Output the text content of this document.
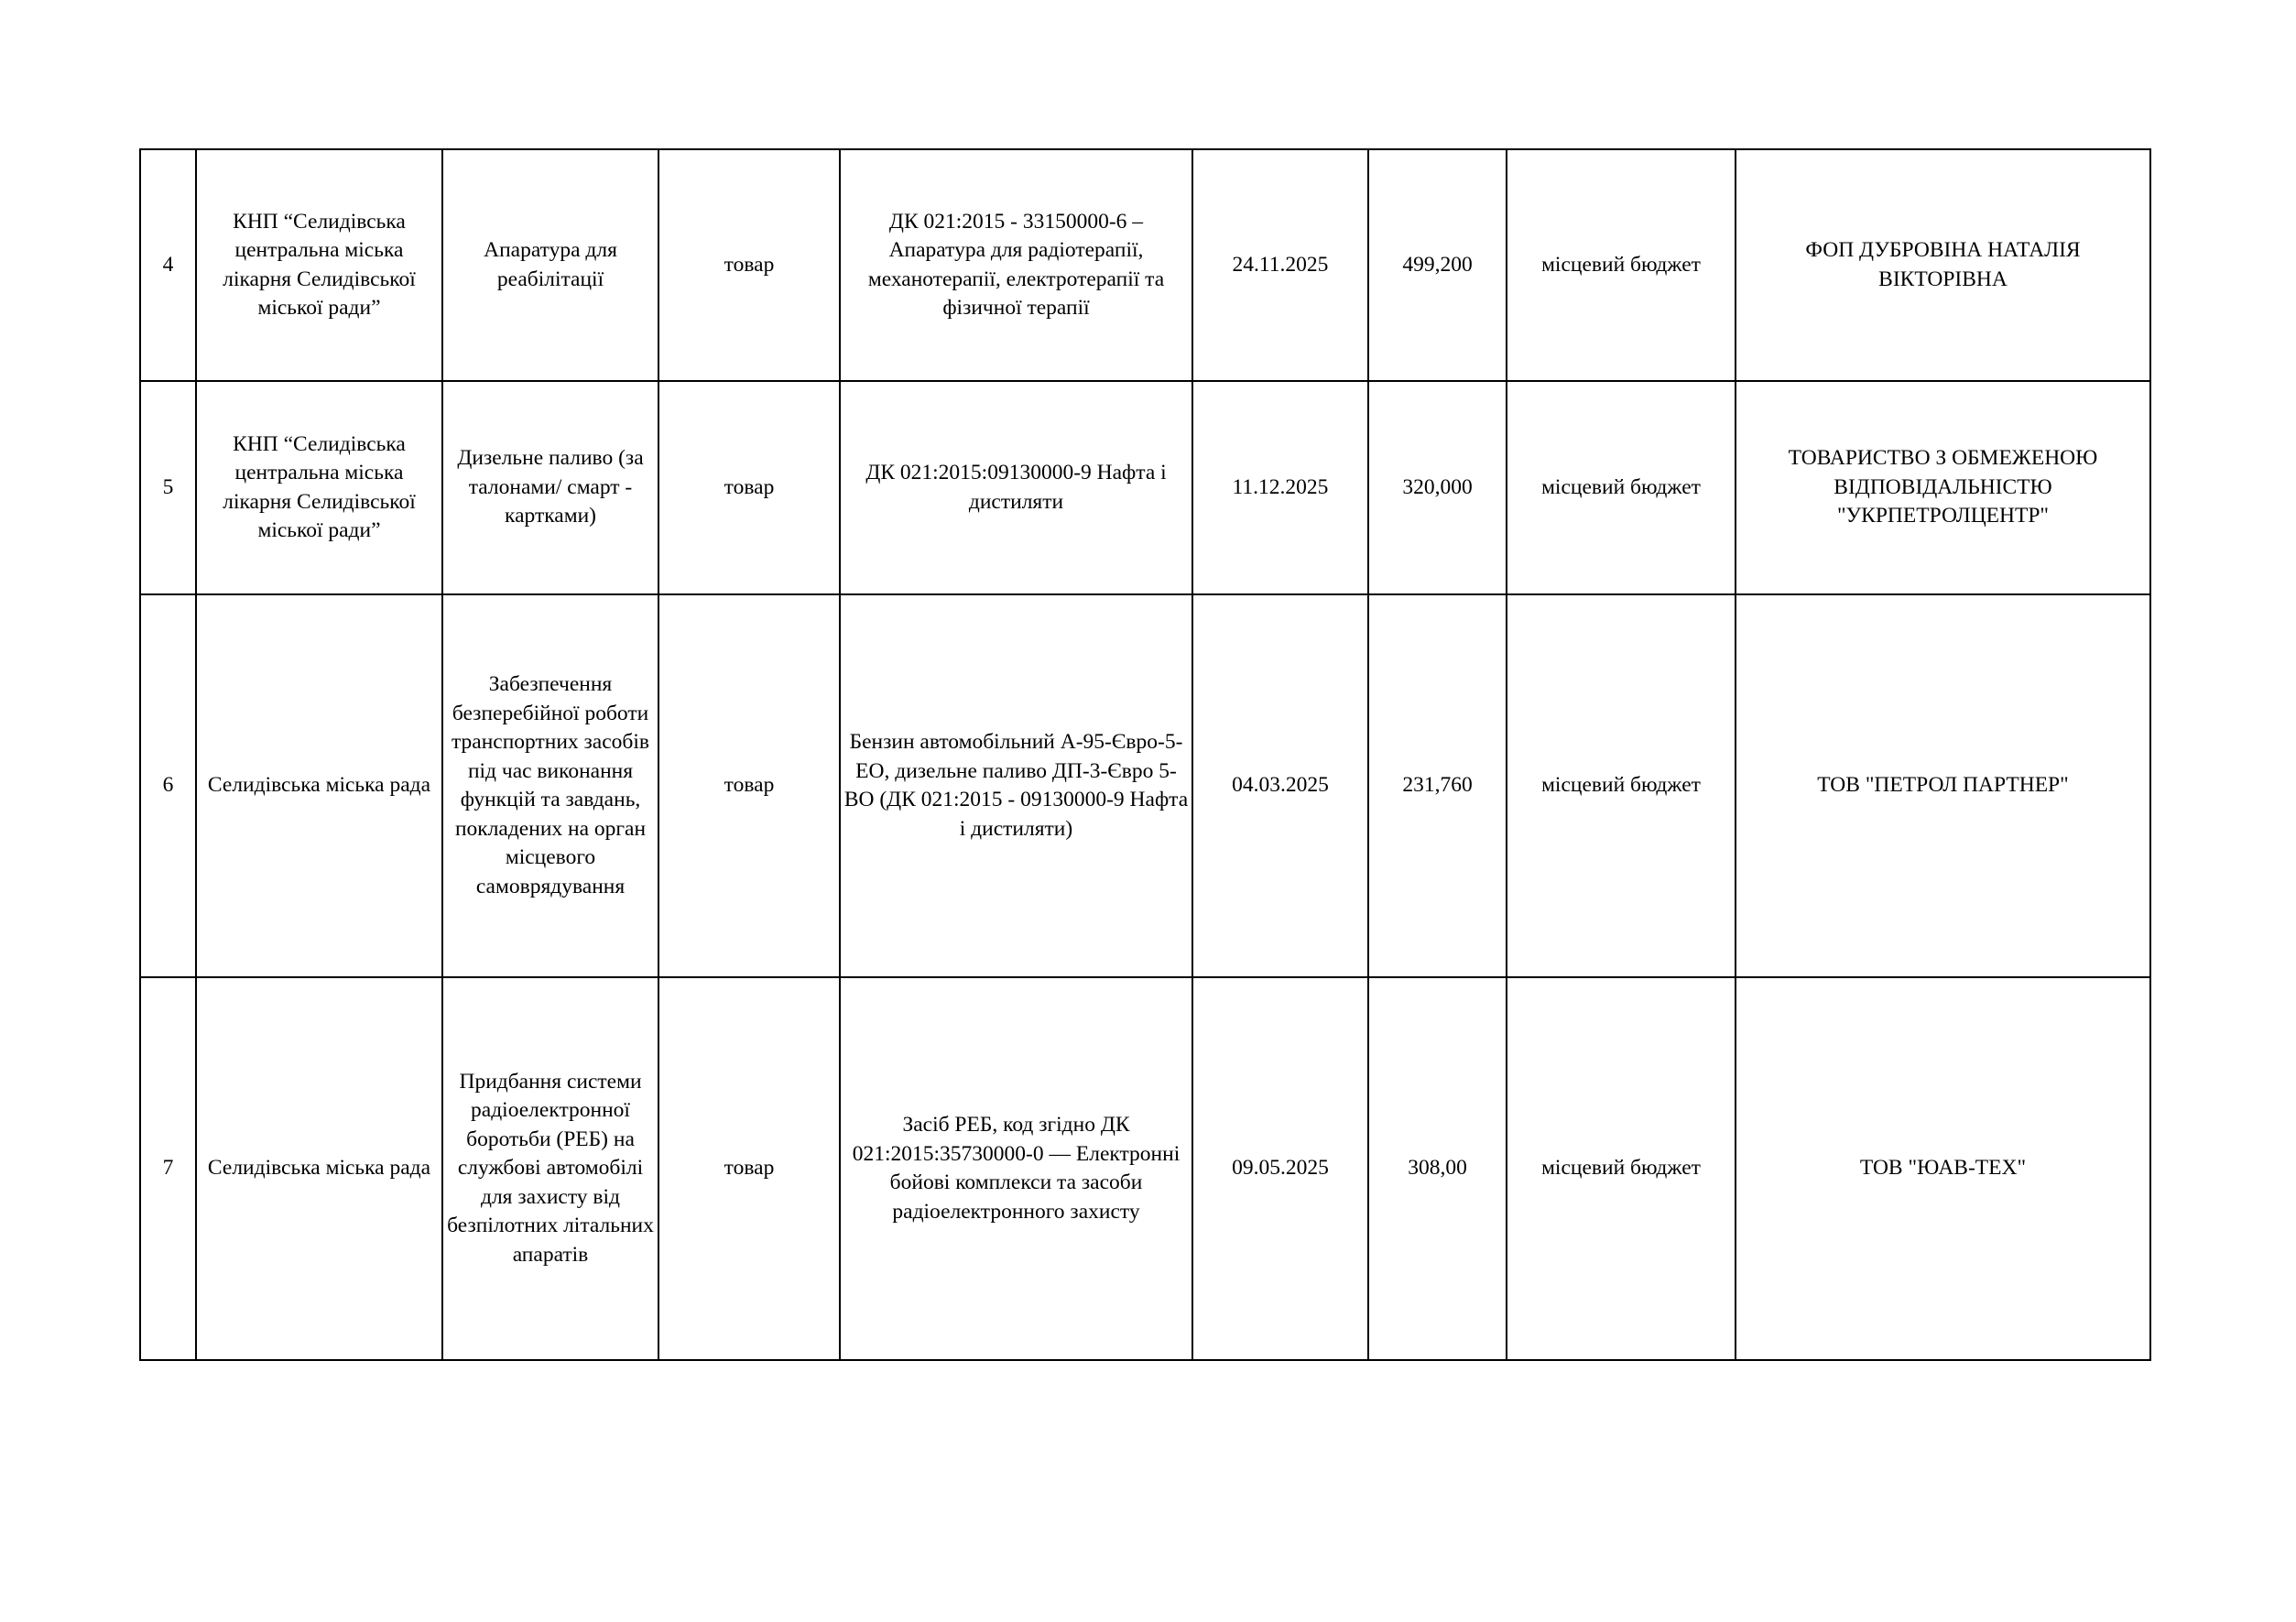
4	КНП “Селидівська центральна міська лікарня Селидівської міської ради”	Апаратура для реабілітації	товар	ДК 021:2015 - 33150000-6 – Апаратура для радіотерапії, механотерапії, електротерапії та фізичної терапії	24.11.2025	499,200	місцевий бюджет	ФОП ДУБРОВІНА НАТАЛІЯ ВІКТОРІВНА
5	КНП “Селидівська центральна міська лікарня Селидівської міської ради”	Дизельне паливо (за талонами/ смарт - картками)	товар	ДК 021:2015:09130000-9 Нафта і дистиляти	11.12.2025	320,000	місцевий бюджет	ТОВАРИСТВО З ОБМЕЖЕНОЮ ВІДПОВІДАЛЬНІСТЮ "УКРПЕТРОЛЦЕНТР"
6	Селидівська міська рада	Забезпечення безперебійної роботи транспортних засобів під час виконання функцій та завдань, покладених на орган місцевого самоврядування	товар	Бензин автомобільний А-95-Євро-5-ЕО, дизельне паливо ДП-3-Євро 5-ВО (ДК 021:2015 - 09130000-9 Нафта і дистиляти)	04.03.2025	231,760	місцевий бюджет	ТОВ "ПЕТРОЛ ПАРТНЕР"
7	Селидівська міська рада	Придбання системи радіоелектронної боротьби (РЕБ) на службові автомобілі для захисту від безпілотних літальних апаратів	товар	Засіб РЕБ, код згідно ДК 021:2015:35730000-0 — Електронні бойові комплекси та засоби радіоелектронного захисту	09.05.2025	308,00	місцевий бюджет	ТОВ "ЮАВ-ТЕХ"
